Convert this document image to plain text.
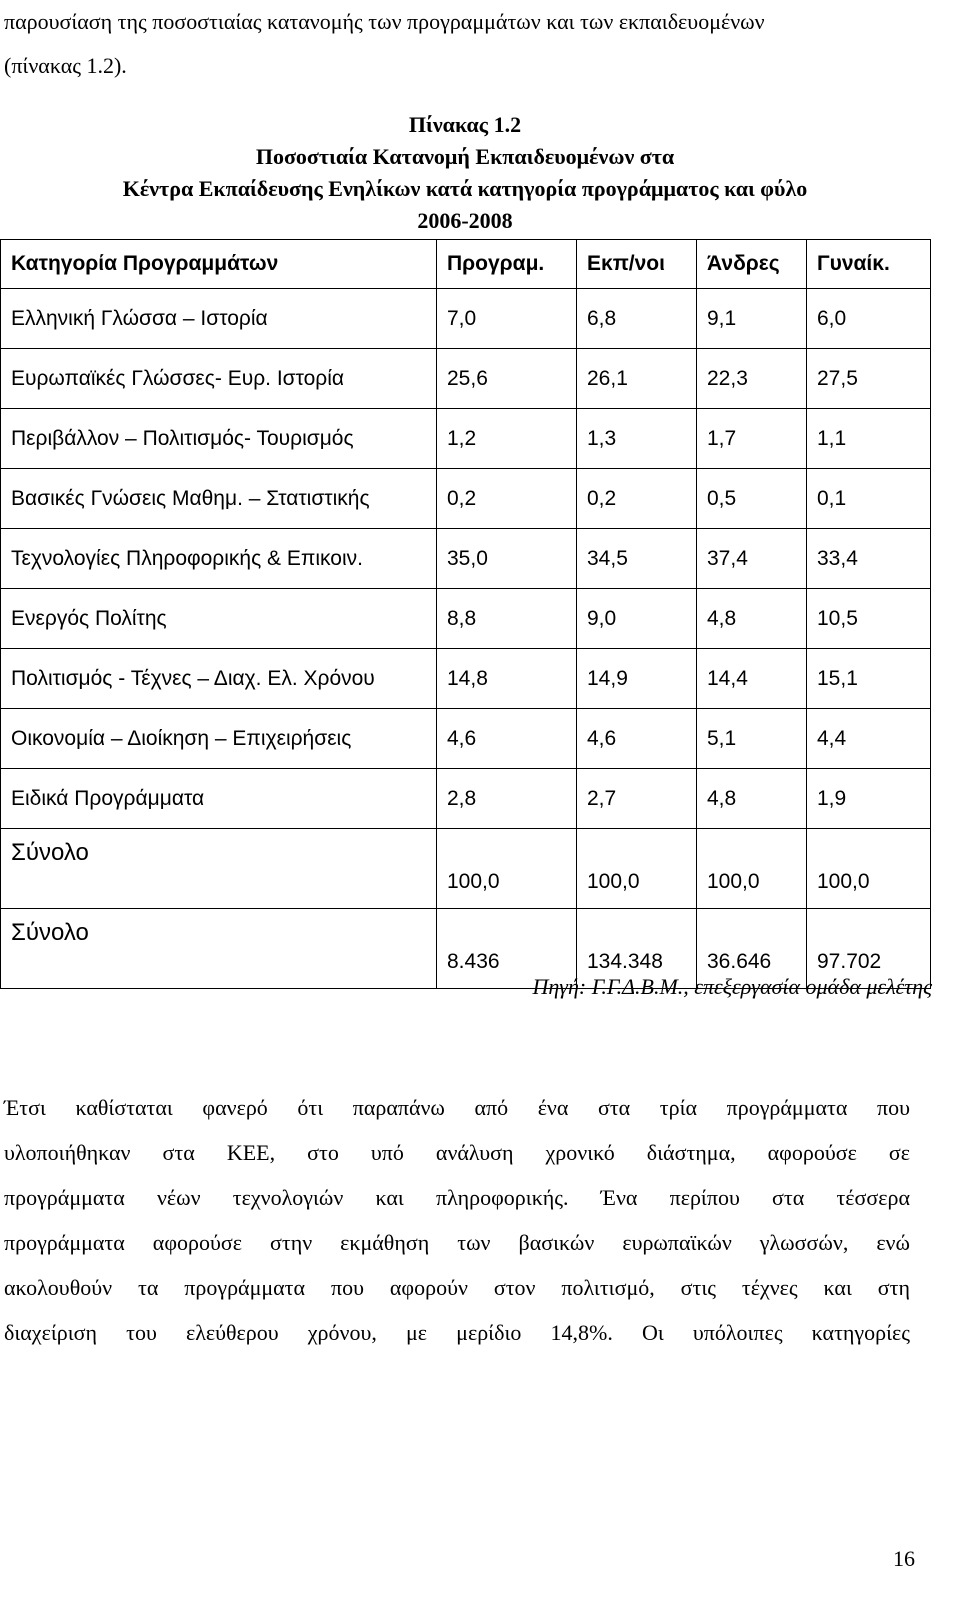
παρουσίαση της ποσοστιαίας κατανομής των προγραμμάτων και των εκπαιδευομένων
(πίνακας 1.2).
Πίνακας 1.2
Ποσοστιαία Κατανομή Εκπαιδευομένων στα
Κέντρα Εκπαίδευσης Ενηλίκων κατά κατηγορία προγράμματος και φύλο
2006-2008
Κατηγορία Προγραμμάτων	Προγραμ.	Εκπ/νοι	Άνδρες	Γυναίκ.
Ελληνική Γλώσσα – Ιστορία	7,0	6,8	9,1	6,0
Ευρωπαϊκές Γλώσσες- Ευρ. Ιστορία	25,6	26,1	22,3	27,5
Περιβάλλον – Πολιτισμός- Τουρισμός	1,2	1,3	1,7	1,1
Βασικές Γνώσεις Μαθημ. – Στατιστικής	0,2	0,2	0,5	0,1
Τεχνολογίες Πληροφορικής & Επικοιν.	35,0	34,5	37,4	33,4
Ενεργός Πολίτης	8,8	9,0	4,8	10,5
Πολιτισμός - Τέχνες – Διαχ. Ελ. Χρόνου	14,8	14,9	14,4	15,1
Οικονομία – Διοίκηση – Επιχειρήσεις	4,6	4,6	5,1	4,4
Ειδικά Προγράμματα	2,8	2,7	4,8	1,9
Σύνολο	100,0	100,0	100,0	100,0
Σύνολο	8.436	134.348	36.646	97.702
Πηγή: Γ.Γ.Δ.Β.Μ., επεξεργασία ομάδα μελέτης
Έτσι καθίσταται φανερό ότι παραπάνω από ένα στα τρία προγράμματα που
υλοποιήθηκαν στα ΚΕΕ, στο υπό ανάλυση χρονικό διάστημα, αφορούσε σε
προγράμματα νέων τεχνολογιών και πληροφορικής. Ένα περίπου στα τέσσερα
προγράμματα αφορούσε στην εκμάθηση των βασικών ευρωπαϊκών γλωσσών, ενώ
ακολουθούν τα προγράμματα που αφορούν στον πολιτισμό, στις τέχνες και στη
διαχείριση του ελεύθερου χρόνου, με μερίδιο 14,8%. Οι υπόλοιπες κατηγορίες
16
